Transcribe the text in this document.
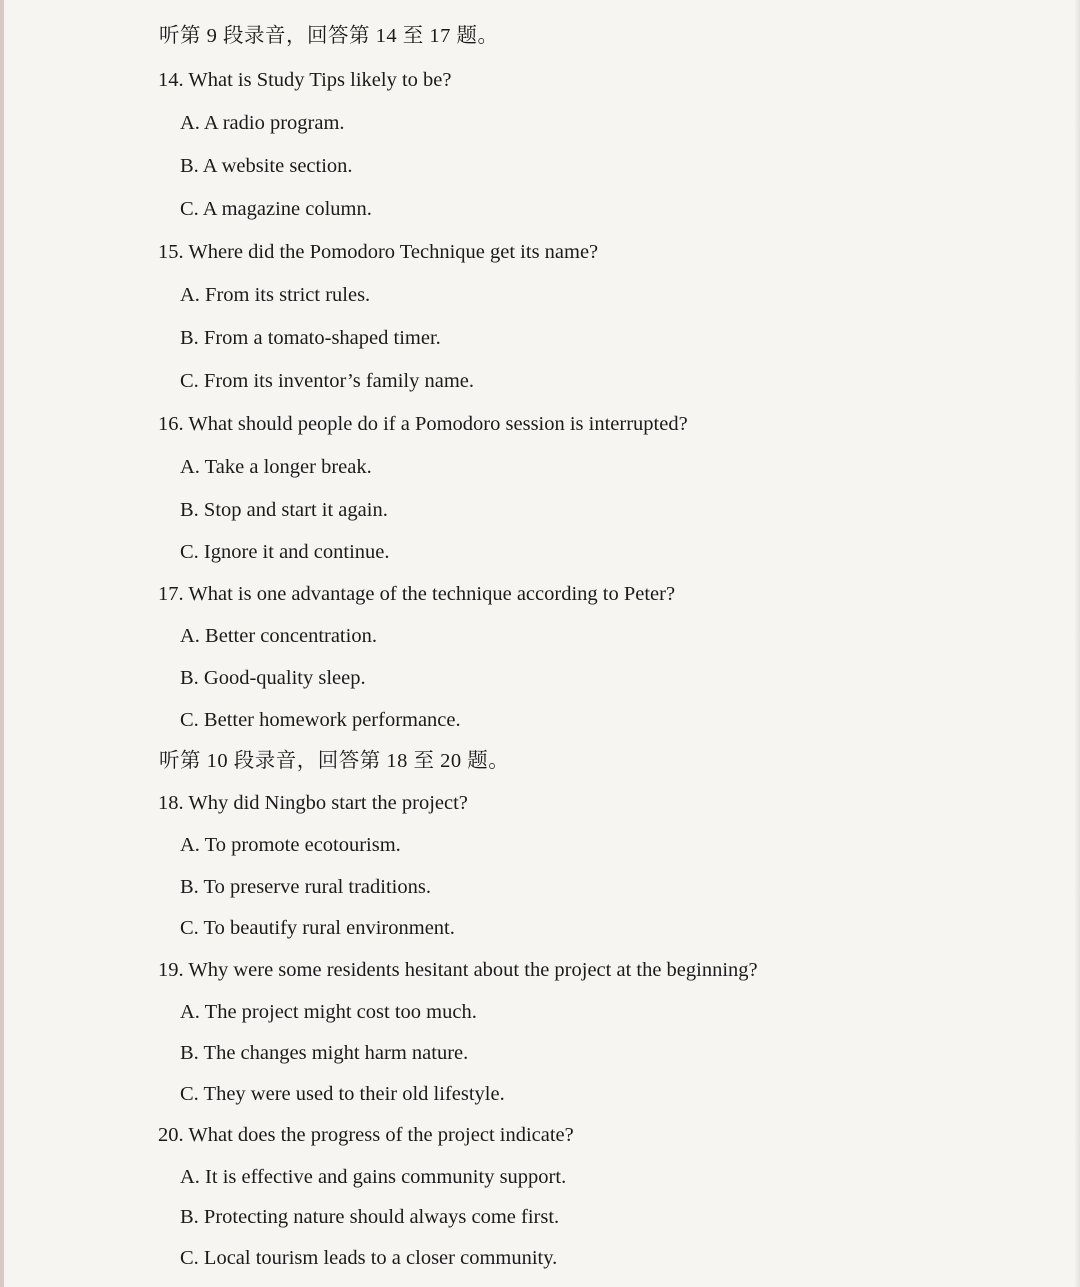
听第 9 段录音，回答第 14 至 17 题。
14. What is Study Tips likely to be?
A. A radio program.
B. A website section.
C. A magazine column.
15. Where did the Pomodoro Technique get its name?
A. From its strict rules.
B. From a tomato-shaped timer.
C. From its inventor’s family name.
16. What should people do if a Pomodoro session is interrupted?
A. Take a longer break.
B. Stop and start it again.
C. Ignore it and continue.
17. What is one advantage of the technique according to Peter?
A. Better concentration.
B. Good-quality sleep.
C. Better homework performance.
听第 10 段录音，回答第 18 至 20 题。
18. Why did Ningbo start the project?
A. To promote ecotourism.
B. To preserve rural traditions.
C. To beautify rural environment.
19. Why were some residents hesitant about the project at the beginning?
A. The project might cost too much.
B. The changes might harm nature.
C. They were used to their old lifestyle.
20. What does the progress of the project indicate?
A. It is effective and gains community support.
B. Protecting nature should always come first.
C. Local tourism leads to a closer community.
